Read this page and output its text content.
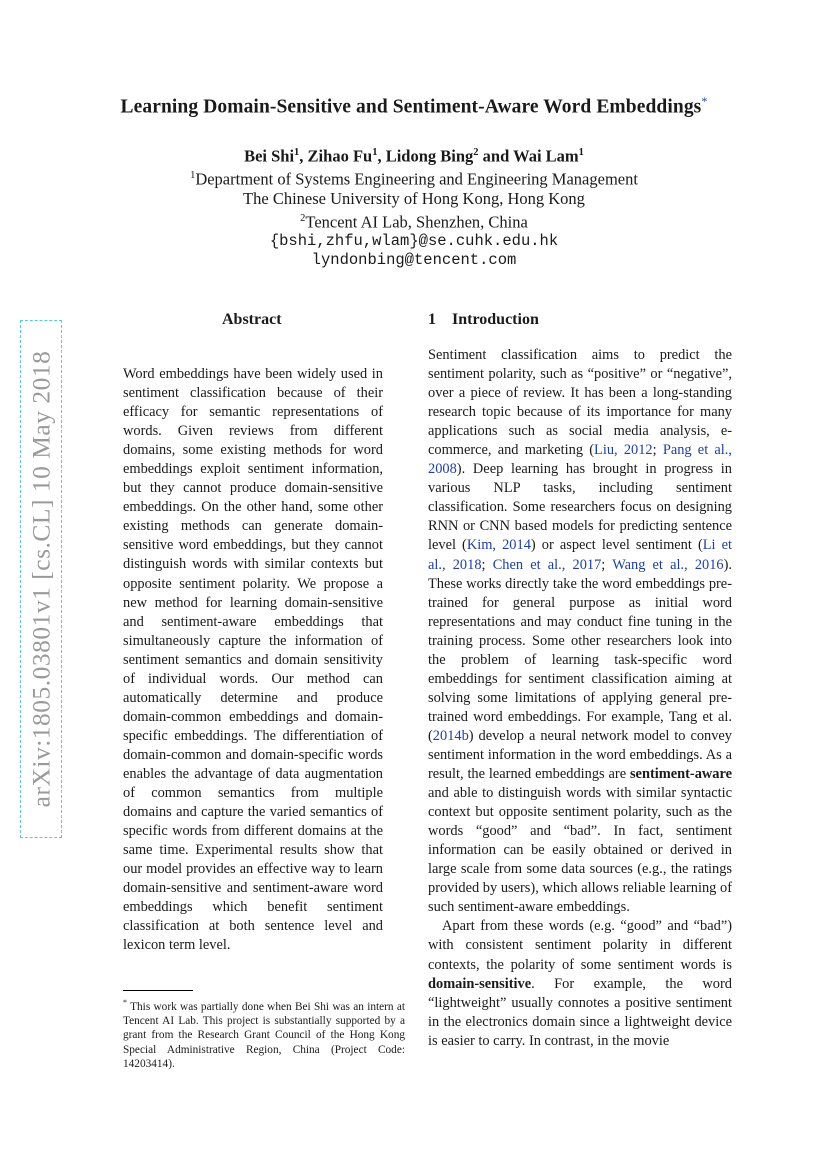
Learning Domain-Sensitive and Sentiment-Aware Word Embeddings*
Bei Shi$^1$, Zihao Fu$^1$, Lidong Bing$^2$ and Wai Lam$^1$
$^1$Department of Systems Engineering and Engineering Management
The Chinese University of Hong Kong, Hong Kong
$^2$Tencent AI Lab, Shenzhen, China
{bshi,zhfu,wlam}@se.cuhk.edu.hk
lyndonbing@tencent.com
arXiv:1805.03801v1 [cs.CL] 10 May 2018
Abstract

Word embeddings have been widely used in sentiment classification because of their efficacy for semantic representations of words. Given reviews from different domains, some existing methods for word embeddings exploit sentiment information, but they cannot produce domain-sensitive embeddings. On the other hand, some other existing methods can generate domain-sensitive word embeddings, but they cannot distinguish words with similar contexts but opposite sentiment polarity. We propose a new method for learning domain-sensitive and sentiment-aware embeddings that simultaneously capture the information of sentiment semantics and domain sensitivity of individual words. Our method can automatically determine and produce domain-common embeddings and domain-specific embeddings. The differentiation of domain-common and domain-specific words enables the advantage of data augmentation of common semantics from multiple domains and capture the varied semantics of specific words from different domains at the same time. Experimental results show that our model provides an effective way to learn domain-sensitive and sentiment-aware word embeddings which benefit sentiment classification at both sentence level and lexicon term level.

* This work was partially done when Bei Shi was an intern at Tencent AI Lab. This project is substantially supported by a grant from the Research Grant Council of the Hong Kong Special Administrative Region, China (Project Code: 14203414).
1 Introduction

Sentiment classification aims to predict the sentiment polarity, such as “positive” or “negative”, over a piece of review. It has been a long-standing research topic because of its importance for many applications such as social media analysis, e-commerce, and marketing (Liu, 2012; Pang et al., 2008). Deep learning has brought in progress in various NLP tasks, including sentiment classification. Some researchers focus on designing RNN or CNN based models for predicting sentence level (Kim, 2014) or aspect level sentiment (Li et al., 2018; Chen et al., 2017; Wang et al., 2016). These works directly take the word embeddings pre-trained for general purpose as initial word representations and may conduct fine tuning in the training process. Some other researchers look into the problem of learning task-specific word embeddings for sentiment classification aiming at solving some limitations of applying general pre-trained word embeddings. For example, Tang et al. (2014b) develop a neural network model to convey sentiment information in the word embeddings. As a result, the learned embeddings are sentiment-aware and able to distinguish words with similar syntactic context but opposite sentiment polarity, such as the words “good” and “bad”. In fact, sentiment information can be easily obtained or derived in large scale from some data sources (e.g., the ratings provided by users), which allows reliable learning of such sentiment-aware embeddings.

Apart from these words (e.g. “good” and “bad”) with consistent sentiment polarity in different contexts, the polarity of some sentiment words is domain-sensitive. For example, the word “lightweight” usually connotes a positive sentiment in the electronics domain since a lightweight device is easier to carry. In contrast, in the movie
